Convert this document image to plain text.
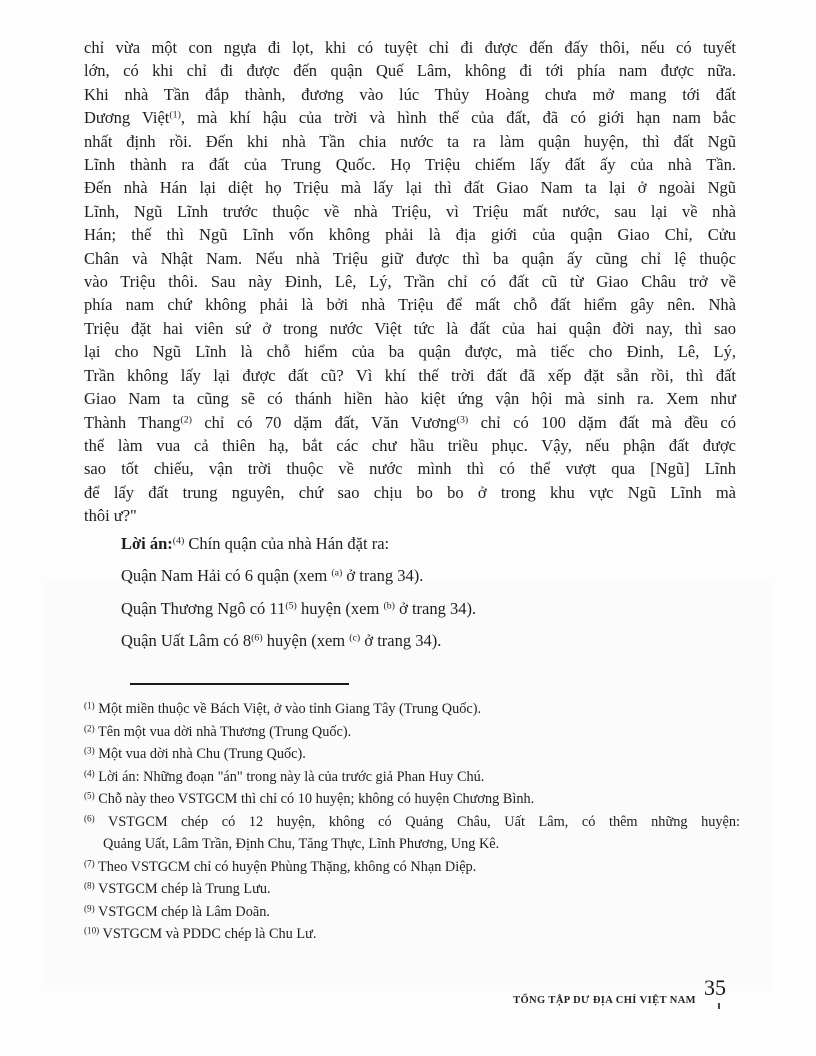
chỉ vừa một con ngựa đi lọt, khi có tuyệt chỉ đi được đến đấy thôi, nếu có tuyết
lớn, có khi chỉ đi được đến quận Quế Lâm, không đi tới phía nam được nữa.
Khi nhà Tần đắp thành, đương vào lúc Thủy Hoàng chưa mở mang tới đất
Dương Việt$^{(1)}$, mà khí hậu của trời và hình thể của đất, đã có giới hạn nam bắc
nhất định rồi. Đến khi nhà Tần chia nước ta ra làm quận huyện, thì đất Ngũ
Lĩnh thành ra đất của Trung Quốc. Họ Triệu chiếm lấy đất ấy của nhà Tần.
Đến nhà Hán lại diệt họ Triệu mà lấy lại thì đất Giao Nam ta lại ở ngoài Ngũ
Lĩnh, Ngũ Lĩnh trước thuộc về nhà Triệu, vì Triệu mất nước, sau lại về nhà
Hán; thế thì Ngũ Lĩnh vốn không phải là địa giới của quận Giao Chỉ, Cửu
Chân và Nhật Nam. Nếu nhà Triệu giữ được thì ba quận ấy cũng chỉ lệ thuộc
vào Triệu thôi. Sau này Đinh, Lê, Lý, Trần chỉ có đất cũ từ Giao Châu trở về
phía nam chứ không phải là bởi nhà Triệu để mất chỗ đất hiểm gây nên. Nhà
Triệu đặt hai viên sứ ở trong nước Việt tức là đất của hai quận đời nay, thì sao
lại cho Ngũ Lĩnh là chỗ hiểm của ba quận được, mà tiếc cho Đinh, Lê, Lý,
Trần không lấy lại được đất cũ? Vì khí thế trời đất đã xếp đặt sẵn rồi, thì đất
Giao Nam ta cũng sẽ có thánh hiền hào kiệt ứng vận hội mà sinh ra. Xem như
Thành Thang$^{(2)}$ chỉ có 70 dặm đất, Văn Vương$^{(3)}$ chỉ có 100 dặm đất mà đều có
thể làm vua cả thiên hạ, bắt các chư hầu triều phục. Vậy, nếu phận đất được
sao tốt chiếu, vận trời thuộc về nước mình thì có thể vượt qua [Ngũ] Lĩnh
để lấy đất trung nguyên, chứ sao chịu bo bo ở trong khu vực Ngũ Lĩnh mà
thôi ư?"
Lời án:$^{(4)}$ Chín quận của nhà Hán đặt ra:
Quận Nam Hải có 6 quận (xem $^{(a)}$ ở trang 34).
Quận Thương Ngô có 11$^{(5)}$ huyện (xem $^{(b)}$ ở trang 34).
Quận Uất Lâm có 8$^{(6)}$ huyện (xem $^{(c)}$ ở trang 34).
$^{(1)}$ Một miền thuộc về Bách Việt, ở vào tỉnh Giang Tây (Trung Quốc).
$^{(2)}$ Tên một vua dời nhà Thương (Trung Quốc).
$^{(3)}$ Một vua dời nhà Chu (Trung Quốc).
$^{(4)}$ Lời án: Những đoạn "án" trong này là của trước giả Phan Huy Chú.
$^{(5)}$ Chỗ này theo VSTGCM thì chỉ có 10 huyện; không có huyện Chương Bình.
$^{(6)}$ VSTGCM chép có 12 huyện, không có Quảng Châu, Uất Lâm, có thêm những huyện:
Quảng Uất, Lâm Trần, Định Chu, Tăng Thực, Lĩnh Phương, Ung Kê.
$^{(7)}$ Theo VSTGCM chỉ có huyện Phùng Thặng, không có Nhạn Diệp.
$^{(8)}$ VSTGCM chép là Trung Lưu.
$^{(9)}$ VSTGCM chép là Lâm Doãn.
$^{(10)}$ VSTGCM và PDDC chép là Chu Lư.
TỔNG TẬP DƯ ĐỊA CHÍ VIỆT NAM
35
